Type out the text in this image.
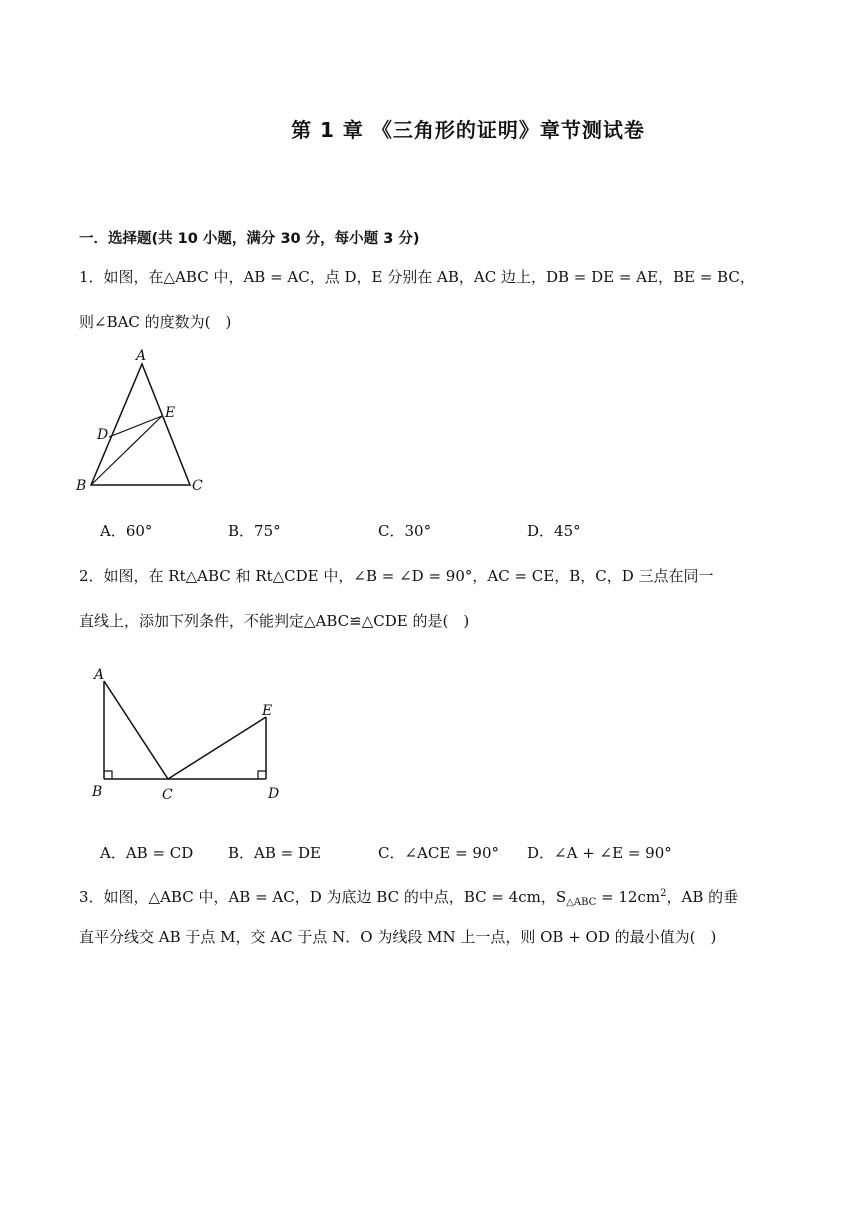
第 1 章 《三角形的证明》章节测试卷
一．选择题(共 10 小题，满分 30 分，每小题 3 分)
1．如图，在△ABC 中，AB = AC，点 D，E 分别在 AB，AC 边上，DB = DE = AE，BE = BC，
则∠BAC 的度数为(　)
A
B	C
D
E
A．60°	B．75°	C．30°	D．45°
2．如图，在 Rt△ABC 和 Rt△CDE 中，∠B = ∠D = 90°，AC = CE，B，C，D 三点在同一
直线上，添加下列条件，不能判定△ABC≌△CDE 的是(　)
A
B	C	D
E
A．AB = CD B．AB = DE	C．∠ACE = 90° D．∠A + ∠E = 90°
3．如图，△ABC 中，AB = AC，D 为底边 BC 的中点，BC = 4cm，$S_{\triangle ABC} = 12cm^2$，AB 的垂
直平分线交 AB 于点 M，交 AC 于点 N．O 为线段 MN 上一点，则 OB + OD 的最小值为(　)
